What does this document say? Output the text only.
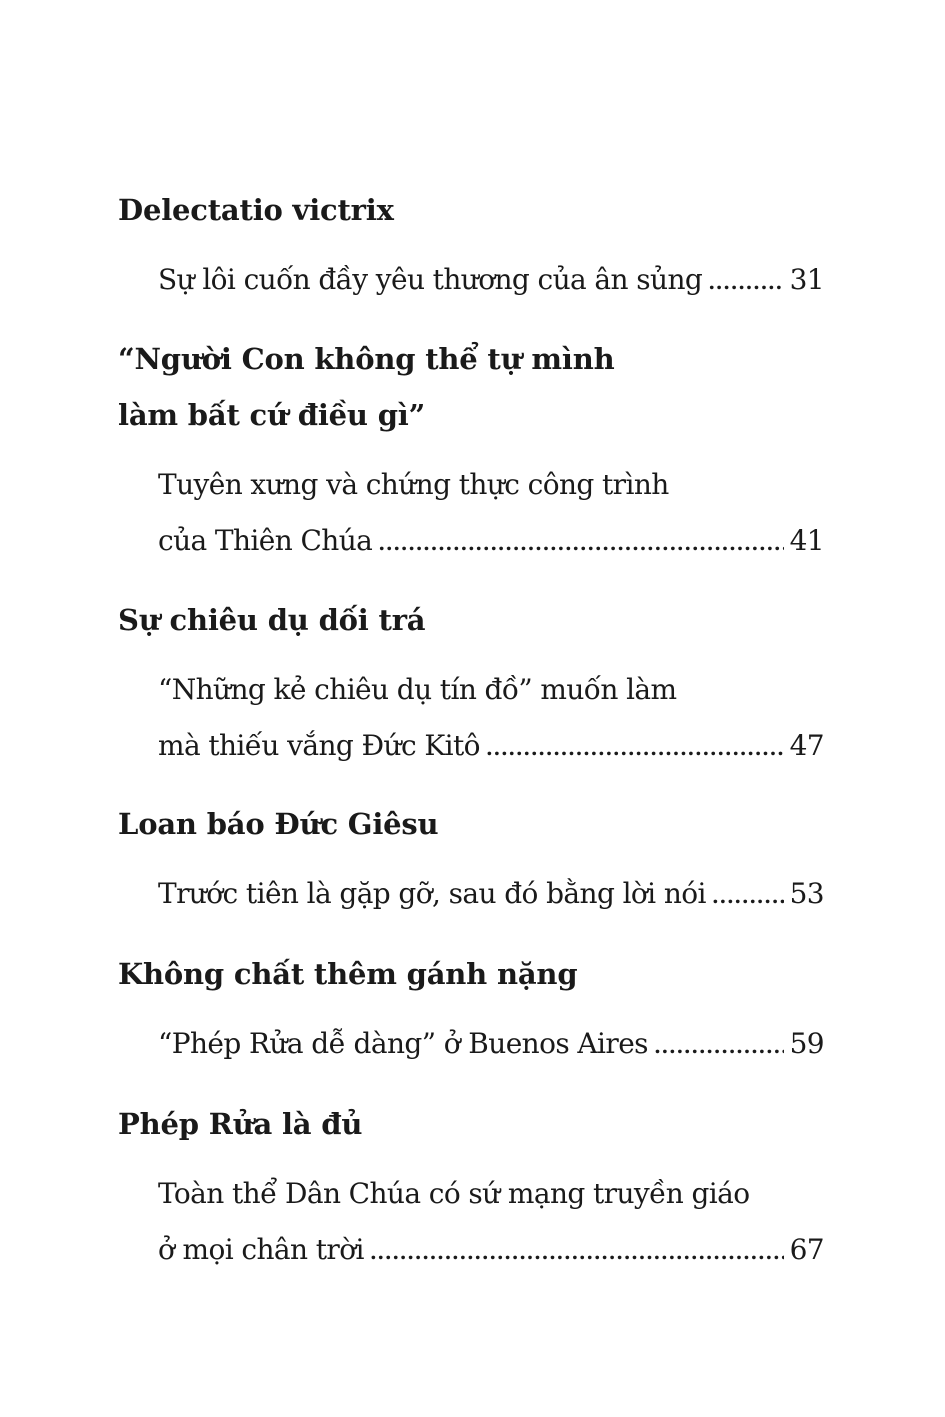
Delectatio victrix
Sự lôi cuốn đầy yêu thương của ân sủng .....	31
“Người Con không thể tự mình
làm bất cứ điều gì”
Tuyên xưng và chứng thực công trình
của Thiên Chúa .....	41
Sự chiêu dụ dối trá
“Những kẻ chiêu dụ tín đồ” muốn làm
mà thiếu vắng Đức Kitô .....	47
Loan báo Đức Giêsu
Trước tiên là gặp gỡ, sau đó bằng lời nói .....	53
Không chất thêm gánh nặng
“Phép Rửa dễ dàng” ở Buenos Aires .....	59
Phép Rửa là đủ
Toàn thể Dân Chúa có sứ mạng truyền giáo
ở mọi chân trời .....	67
